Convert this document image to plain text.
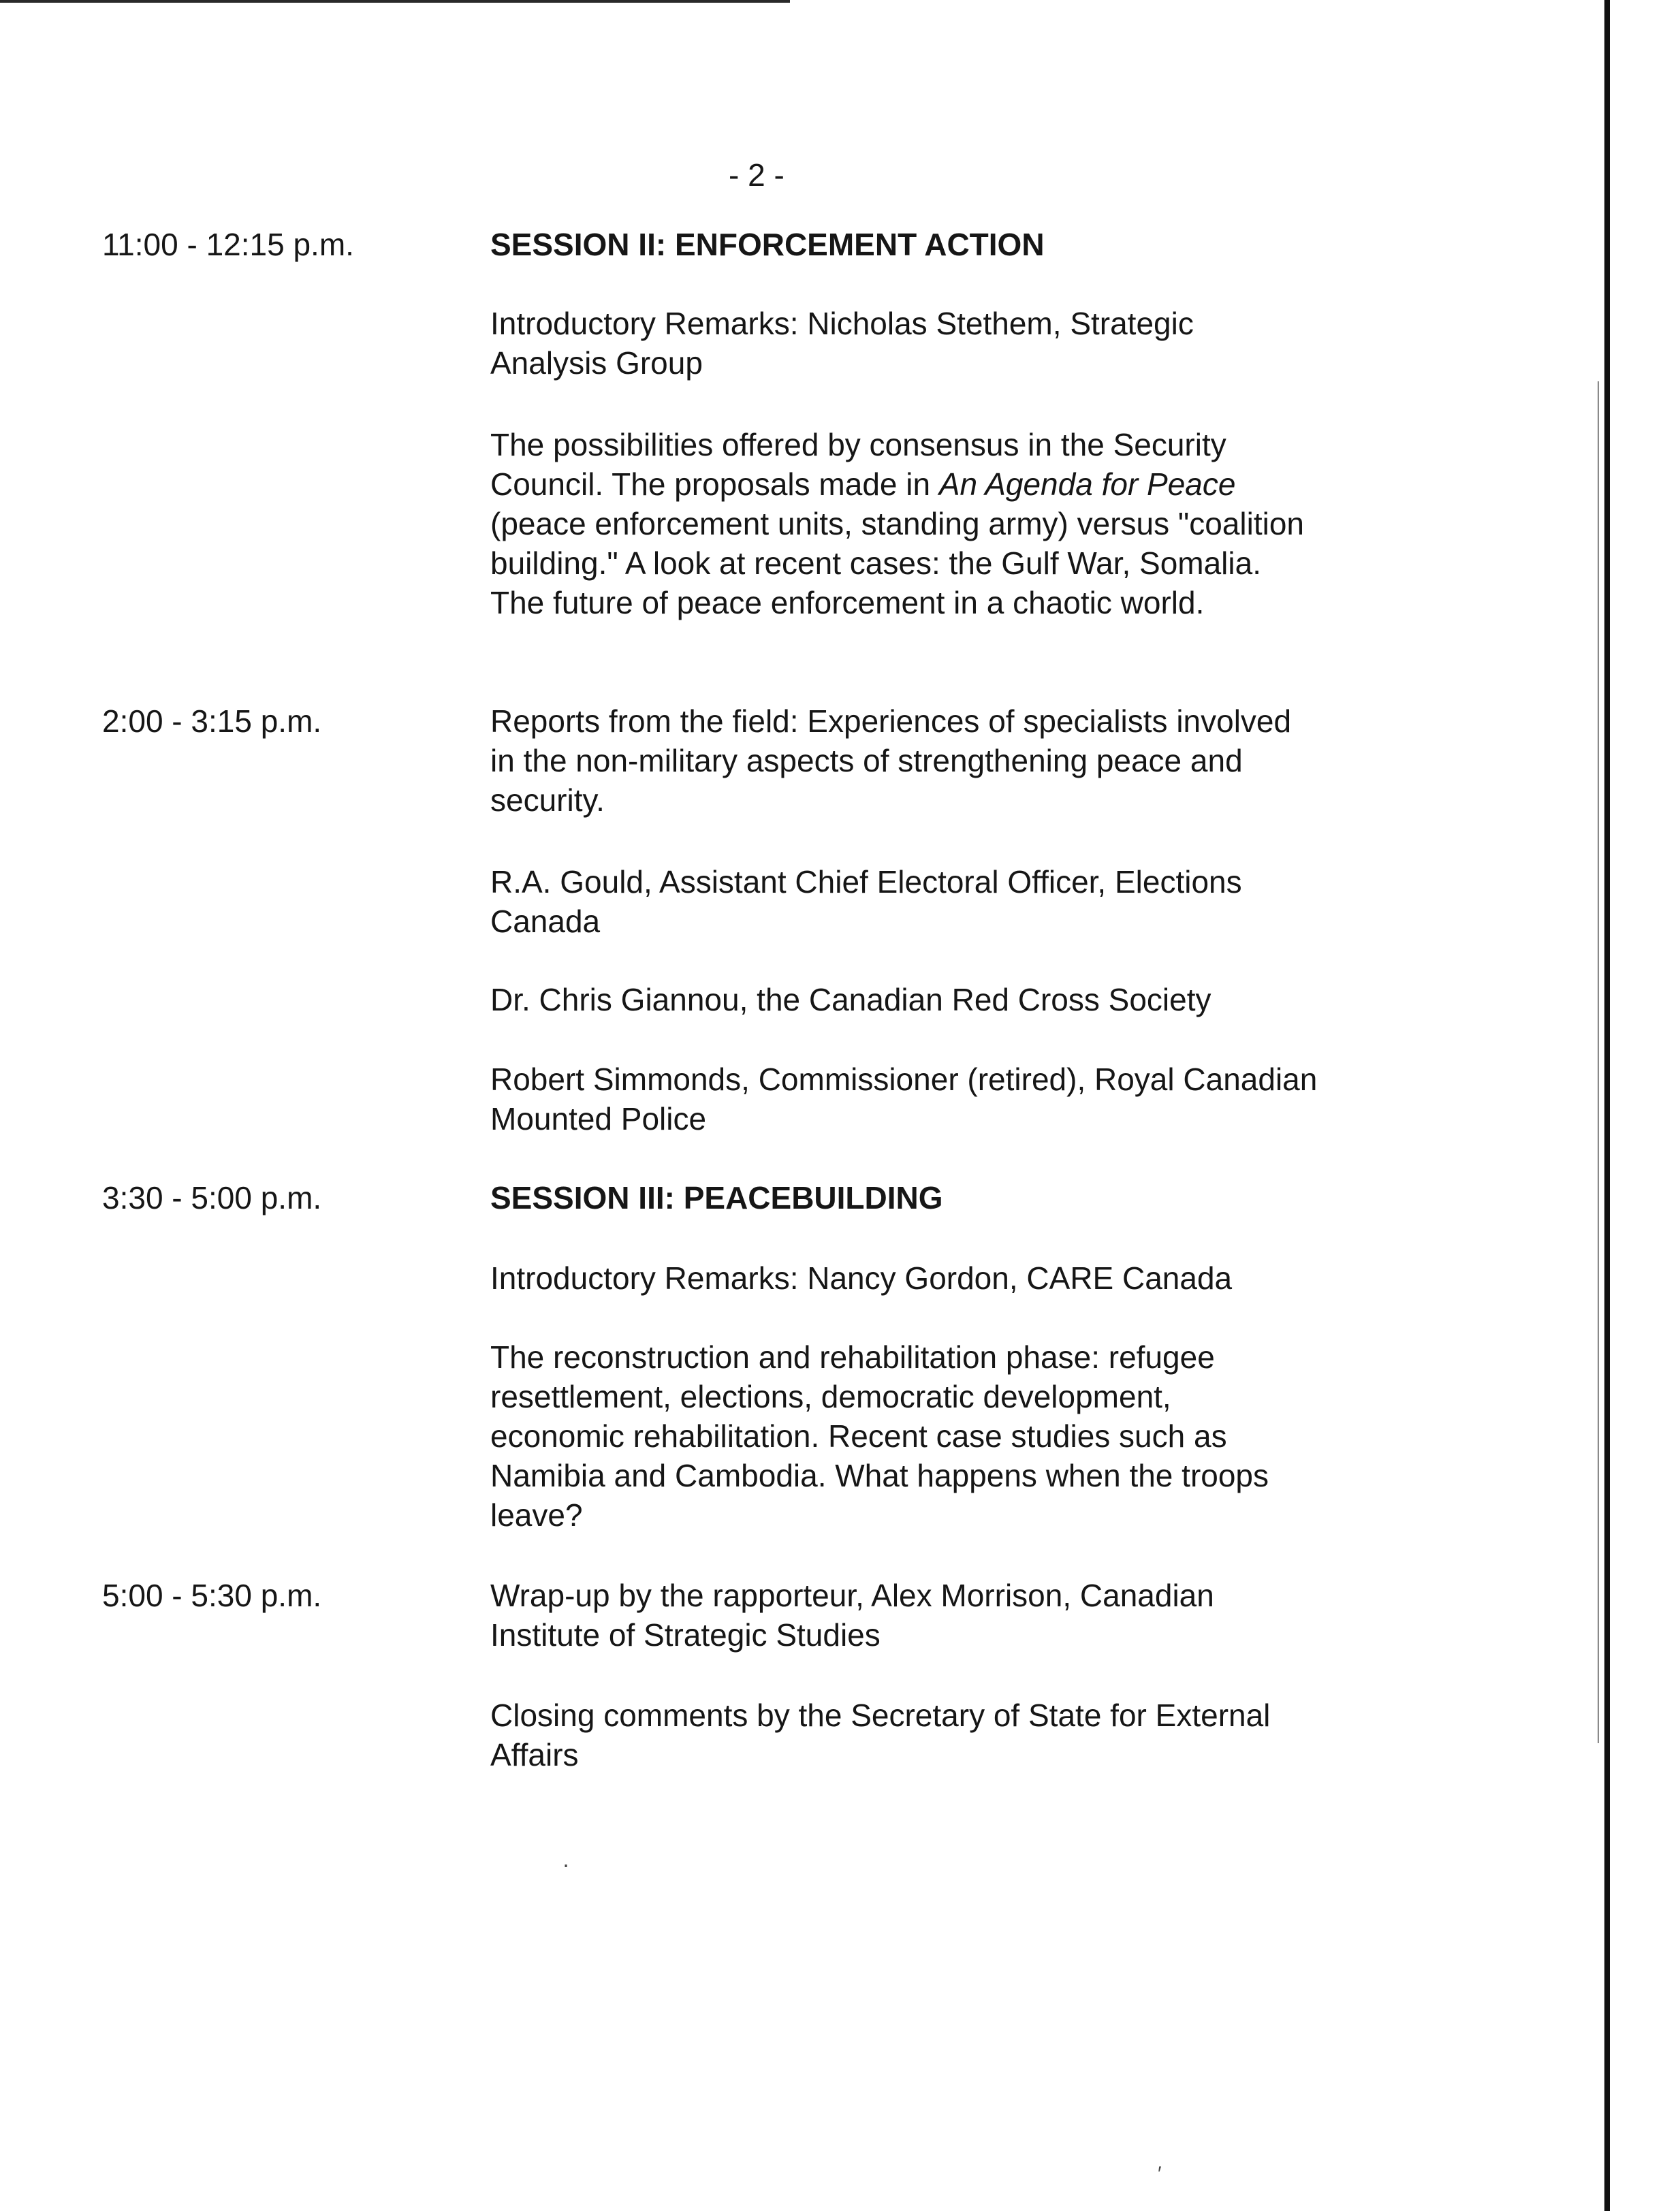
- 2 -
11:00 - 12:15 p.m.	SESSION II: ENFORCEMENT ACTION
Introductory Remarks: Nicholas Stethem, Strategic
Analysis Group
The possibilities offered by consensus in the Security
Council. The proposals made in An Agenda for Peace
(peace enforcement units, standing army) versus "coalition
building." A look at recent cases: the Gulf War, Somalia.
The future of peace enforcement in a chaotic world.
2:00 - 3:15 p.m.	Reports from the field: Experiences of specialists involved
in the non-military aspects of strengthening peace and
security.
R.A. Gould, Assistant Chief Electoral Officer, Elections
Canada
Dr. Chris Giannou, the Canadian Red Cross Society
Robert Simmonds, Commissioner (retired), Royal Canadian
Mounted Police
3:30 - 5:00 p.m.	SESSION III: PEACEBUILDING
Introductory Remarks: Nancy Gordon, CARE Canada
The reconstruction and rehabilitation phase: refugee
resettlement, elections, democratic development,
economic rehabilitation. Recent case studies such as
Namibia and Cambodia. What happens when the troops
leave?
5:00 - 5:30 p.m.	Wrap-up by the rapporteur, Alex Morrison, Canadian
Institute of Strategic Studies
Closing comments by the Secretary of State for External
Affairs
․
′
